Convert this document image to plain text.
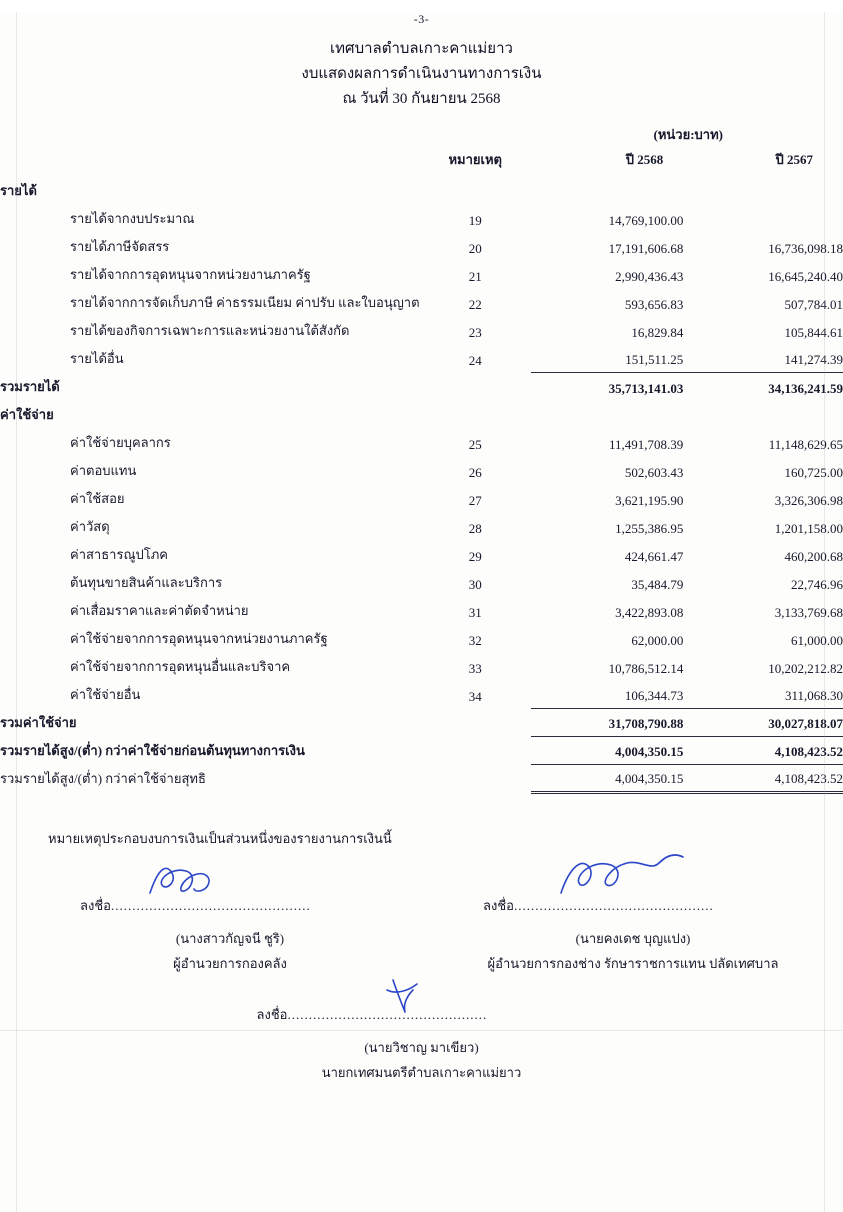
-3-
เทศบาลตำบลเกาะคาแม่ยาว
งบแสดงผลการดำเนินงานทางการเงิน
ณ วันที่ 30 กันยายน 2568
(หน่วย:บาท)
	หมายเหตุ	ปี 2568	ปี 2567
รายได้			
รายได้จากงบประมาณ	19	14,769,100.00	
รายได้ภาษีจัดสรร	20	17,191,606.68	16,736,098.18
รายได้จากการอุดหนุนจากหน่วยงานภาครัฐ	21	2,990,436.43	16,645,240.40
รายได้จากการจัดเก็บภาษี ค่าธรรมเนียม ค่าปรับ และใบอนุญาต	22	593,656.83	507,784.01
รายได้ของกิจการเฉพาะการและหน่วยงานใต้สังกัด	23	16,829.84	105,844.61
รายได้อื่น	24	151,511.25	141,274.39
รวมรายได้		35,713,141.03	34,136,241.59
ค่าใช้จ่าย			
ค่าใช้จ่ายบุคลากร	25	11,491,708.39	11,148,629.65
ค่าตอบแทน	26	502,603.43	160,725.00
ค่าใช้สอย	27	3,621,195.90	3,326,306.98
ค่าวัสดุ	28	1,255,386.95	1,201,158.00
ค่าสาธารณูปโภค	29	424,661.47	460,200.68
ต้นทุนขายสินค้าและบริการ	30	35,484.79	22,746.96
ค่าเสื่อมราคาและค่าตัดจำหน่าย	31	3,422,893.08	3,133,769.68
ค่าใช้จ่ายจากการอุดหนุนจากหน่วยงานภาครัฐ	32	62,000.00	61,000.00
ค่าใช้จ่ายจากการอุดหนุนอื่นและบริจาค	33	10,786,512.14	10,202,212.82
ค่าใช้จ่ายอื่น	34	106,344.73	311,068.30
รวมค่าใช้จ่าย		31,708,790.88	30,027,818.07
รวมรายได้สูง/(ต่ำ) กว่าค่าใช้จ่ายก่อนต้นทุนทางการเงิน		4,004,350.15	4,108,423.52
รวมรายได้สูง/(ต่ำ) กว่าค่าใช้จ่ายสุทธิ		4,004,350.15	4,108,423.52
หมายเหตุประกอบงบการเงินเป็นส่วนหนึ่งของรายงานการเงินนี้
ลงชื่อ...............................................
(นางสาวกัญจนี ชูริ)
ผู้อำนวยการกองคลัง
ลงชื่อ...............................................
(นายคงเดช บุญแปง)
ผู้อำนวยการกองช่าง รักษาราชการแทน ปลัดเทศบาล
ลงชื่อ...............................................
(นายวิชาญ มาเขียว)
นายกเทศมนตรีตำบลเกาะคาแม่ยาว
